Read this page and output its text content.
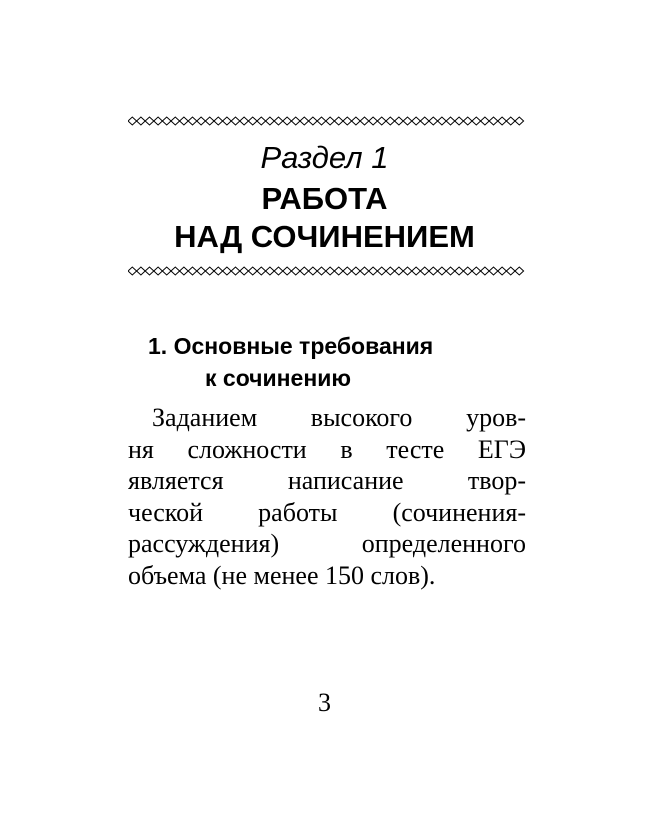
Раздел 1
РАБОТА
НАД СОЧИНЕНИЕМ
1. Основные требования
к сочинению
Заданием высокого уров-
ня сложности в тесте ЕГЭ
является написание твор-
ческой работы (сочинения-
рассуждения) определенного
объема (не менее 150 слов).
3
